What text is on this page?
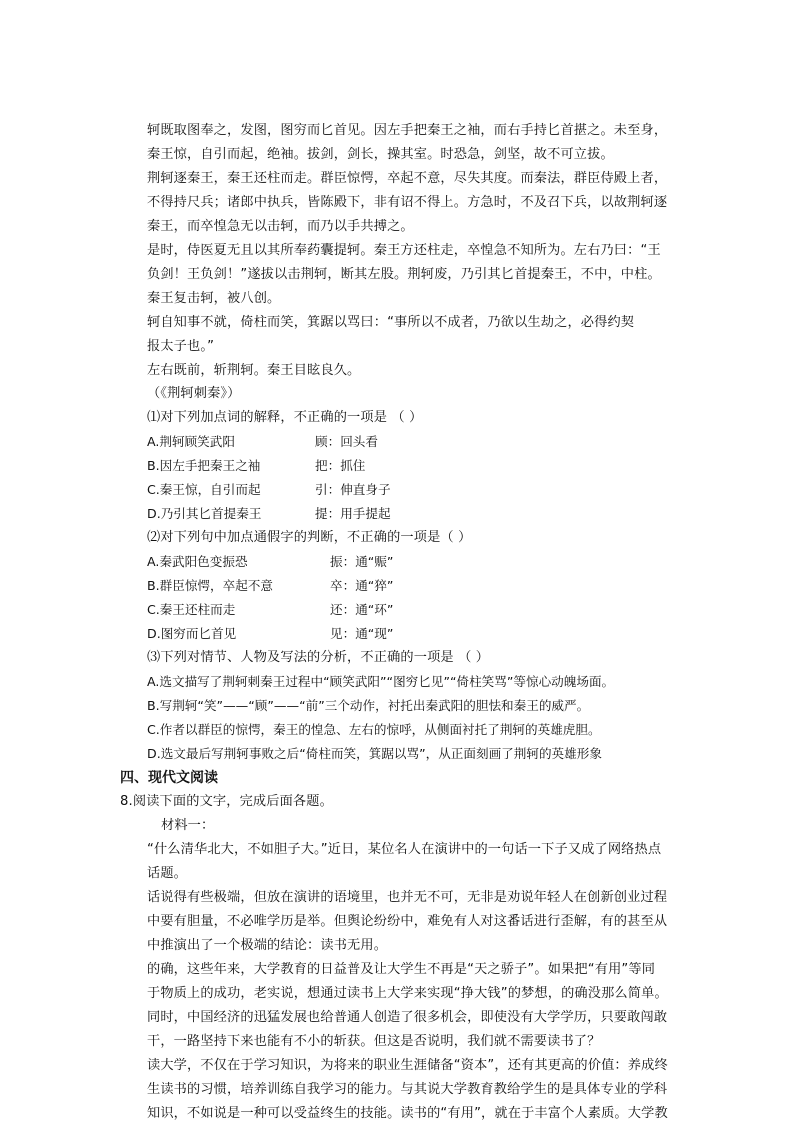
轲既取图奉之，发图，图穷而匕首见。因左手把秦王之袖，而右手持匕首揕之。未至身，
秦王惊，自引而起，绝袖。拔剑，剑长，操其室。时恐急，剑坚，故不可立拔。
荆轲逐秦王，秦王还柱而走。群臣惊愕，卒起不意，尽失其度。而秦法，群臣侍殿上者，
不得持尺兵；诸郎中执兵，皆陈殿下，非有诏不得上。方急时，不及召下兵，以故荆轲逐
秦王，而卒惶急无以击轲，而乃以手共搏之。
是时，侍医夏无且以其所奉药囊提轲。秦王方还柱走，卒惶急不知所为。左右乃曰：“王
负剑！王负剑！”遂拔以击荆轲，断其左股。荆轲废，乃引其匕首提秦王，不中，中柱。
秦王复击轲，被八创。
轲自知事不就，倚柱而笑，箕踞以骂曰：“事所以不成者，乃欲以生劫之，必得约契
报太子也。”
左右既前，斩荆轲。秦王目眩良久。
（《荆轲刺秦》）
⑴对下列加点词的解释，不正确的一项是 （ ）
A.荆轲顾笑武阳	顾：回头看
B.因左手把秦王之袖	把：抓住
C.秦王惊，自引而起	引：伸直身子
D.乃引其匕首提秦王	提：用手提起
⑵对下列句中加点通假字的判断，不正确的一项是（ ）
A.秦武阳色变振恐	振：通“赈”
B.群臣惊愕，卒起不意	卒：通“猝”
C.秦王还柱而走	还：通“环”
D.图穷而匕首见	见：通“现”
⑶下列对情节、人物及写法的分析，不正确的一项是 （ ）
A.选文描写了荆轲刺秦王过程中“顾笑武阳”“图穷匕见”“倚柱笑骂”等惊心动魄场面。
B.写荆轲“笑”——“顾”——“前”三个动作，衬托出秦武阳的胆怯和秦王的威严。
C.作者以群臣的惊愕，秦王的惶急、左右的惊呼，从侧面衬托了荆轲的英雄虎胆。
D.选文最后写荆轲事败之后“倚柱而笑，箕踞以骂”，从正面刻画了荆轲的英雄形象
四、现代文阅读
8.阅读下面的文字，完成后面各题。
材料一：
“什么清华北大，不如胆子大。”近日，某位名人在演讲中的一句话一下子又成了网络热点
话题。
话说得有些极端，但放在演讲的语境里，也并无不可，无非是劝说年轻人在创新创业过程
中要有胆量，不必唯学历是举。但舆论纷纷中，难免有人对这番话进行歪解，有的甚至从
中推演出了一个极端的结论：读书无用。
的确，这些年来，大学教育的日益普及让大学生不再是“天之骄子”。如果把“有用”等同
于物质上的成功，老实说，想通过读书上大学来实现“挣大钱”的梦想，的确没那么简单。
同时，中国经济的迅猛发展也给普通人创造了很多机会，即使没有大学学历，只要敢闯敢
干，一路坚持下来也能有不小的斩获。但这是否说明，我们就不需要读书了？
读大学，不仅在于学习知识，为将来的职业生涯储备“资本”，还有其更高的价值：养成终
生读书的习惯，培养训练自我学习的能力。与其说大学教育教给学生的是具体专业的学科
知识，不如说是一种可以受益终生的技能。读书的“有用”，就在于丰富个人素质。大学教
